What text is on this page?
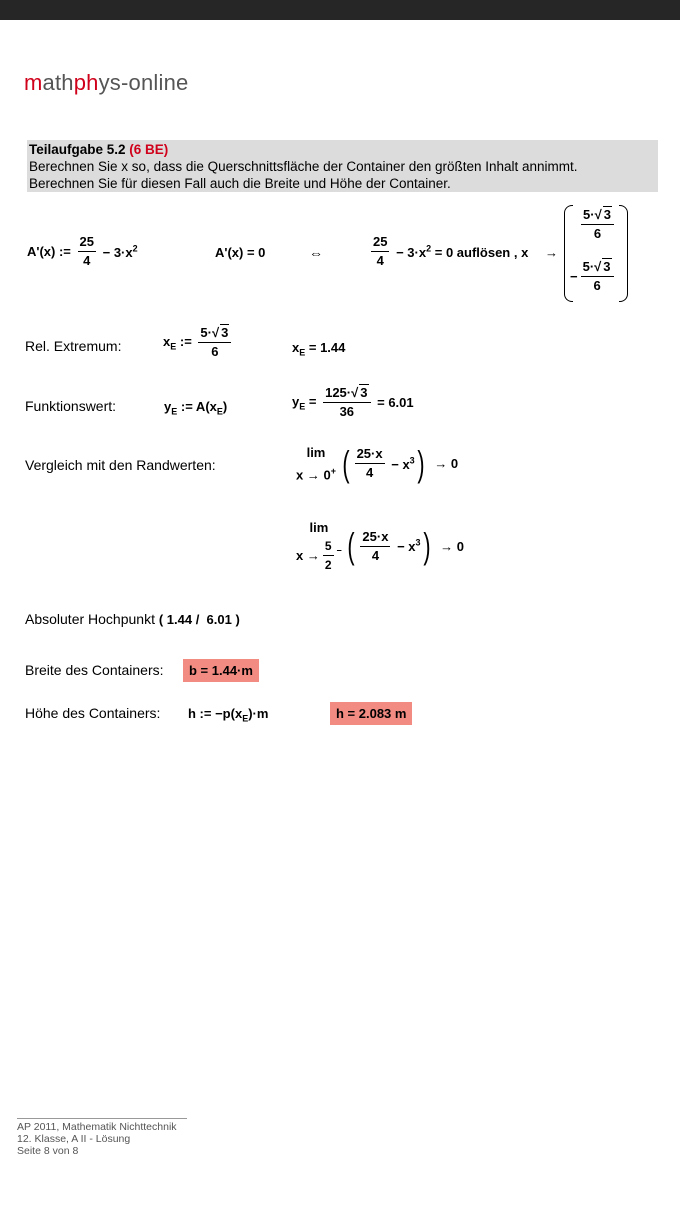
mathphys-online
Teilaufgabe 5.2 (6 BE)
Berechnen Sie x so, dass die Querschnittsfläche der Container den größten Inhalt annimmt.
Berechnen Sie für diesen Fall auch die Breite und Höhe der Container.
A'(x) := $\frac{25}{4} - 3\cdot x^2$	A'(x) = 0	⇔	$\frac{25}{4} - 3\cdot x^2 = 0$ auflösen , x →
$\frac{5\cdot√ 3}{6}$
− $\frac{5\cdot√ 3}{6}$
Rel. Extremum:	$x_E$ := $\frac{5\cdot√ 3}{6}$	$x_E = 1.44$
Funktionswert:	$y_E$ := $A(x_E)$	$y_E = \frac{125\cdot√ 3}{36} = 6.01$
Vergleich mit den Randwerten:
lim
x → 0+ ( $\frac{25\cdot x}{4} - x^3) \to 0$
lim
$x \to \frac{5}{2} ^-$ ( $\frac{25\cdot x}{4} - x^3) \to 0$
Absoluter Hochpunkt ( 1.44 /  6.01 )
Breite des Containers:	b = 1.44·m
Höhe des Containers: h := $-p(x_E)\cdot m$	h = 2.083 m
AP 2011, Mathematik Nichttechnik
12. Klasse, A II - Lösung
Seite 8 von 8
